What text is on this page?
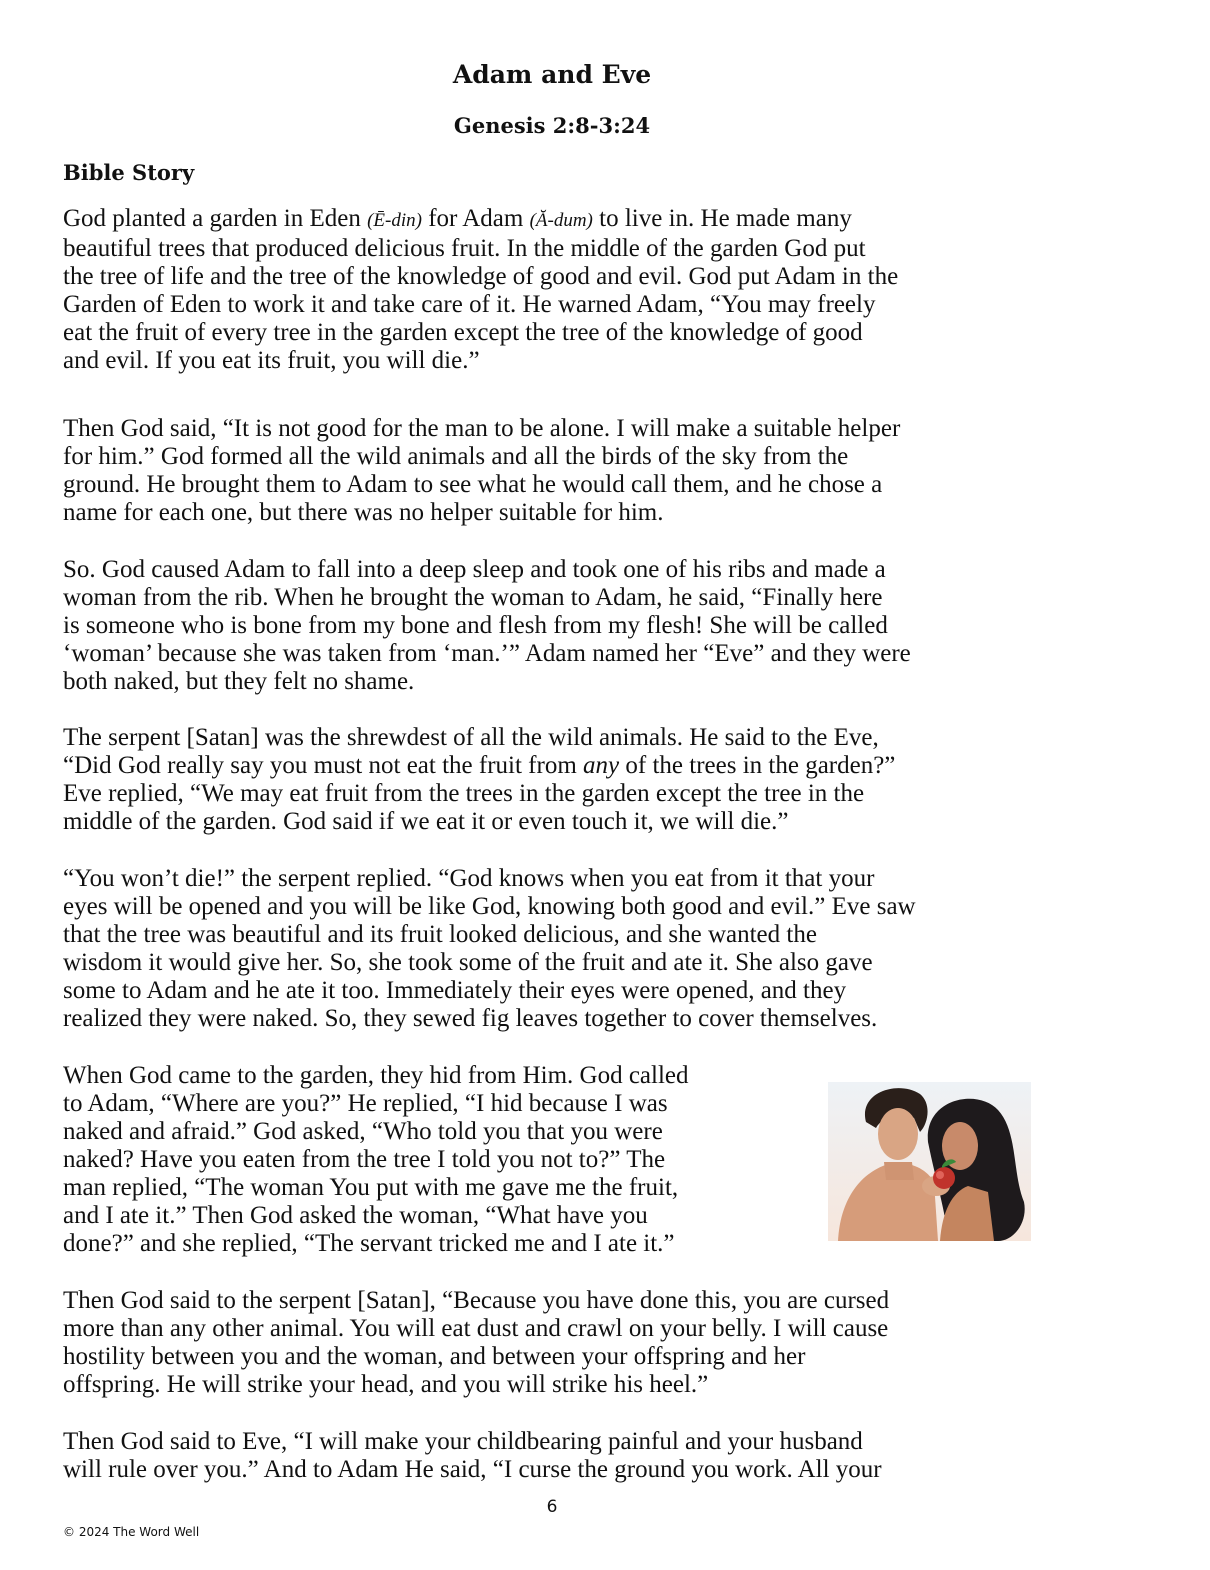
Adam and Eve
Genesis 2:8-3:24
Bible Story
God planted a garden in Eden (Ē-din) for Adam (Ă-dum) to live in. He made many
beautiful trees that produced delicious fruit. In the middle of the garden God put
the tree of life and the tree of the knowledge of good and evil. God put Adam in the
Garden of Eden to work it and take care of it. He warned Adam, “You may freely
eat the fruit of every tree in the garden except the tree of the knowledge of good
and evil. If you eat its fruit, you will die.”
Then God said, “It is not good for the man to be alone. I will make a suitable helper
for him.” God formed all the wild animals and all the birds of the sky from the
ground. He brought them to Adam to see what he would call them, and he chose a
name for each one, but there was no helper suitable for him.
So. God caused Adam to fall into a deep sleep and took one of his ribs and made a
woman from the rib. When he brought the woman to Adam, he said, “Finally here
is someone who is bone from my bone and flesh from my flesh! She will be called
‘woman’ because she was taken from ‘man.’” Adam named her “Eve” and they were
both naked, but they felt no shame.
The serpent [Satan] was the shrewdest of all the wild animals. He said to the Eve,
“Did God really say you must not eat the fruit from any of the trees in the garden?”
Eve replied, “We may eat fruit from the trees in the garden except the tree in the
middle of the garden. God said if we eat it or even touch it, we will die.”
“You won’t die!” the serpent replied. “God knows when you eat from it that your
eyes will be opened and you will be like God, knowing both good and evil.” Eve saw
that the tree was beautiful and its fruit looked delicious, and she wanted the
wisdom it would give her. So, she took some of the fruit and ate it. She also gave
some to Adam and he ate it too. Immediately their eyes were opened, and they
realized they were naked. So, they sewed fig leaves together to cover themselves.
When God came to the garden, they hid from Him. God called
to Adam, “Where are you?” He replied, “I hid because I was
naked and afraid.” God asked, “Who told you that you were
naked? Have you eaten from the tree I told you not to?” The
man replied, “The woman You put with me gave me the fruit,
and I ate it.” Then God asked the woman, “What have you
done?” and she replied, “The servant tricked me and I ate it.”
Then God said to the serpent [Satan], “Because you have done this, you are cursed
more than any other animal. You will eat dust and crawl on your belly. I will cause
hostility between you and the woman, and between your offspring and her
offspring. He will strike your head, and you will strike his heel.”
Then God said to Eve, “I will make your childbearing painful and your husband
will rule over you.” And to Adam He said, “I curse the ground you work. All your
6
© 2024 The Word Well
